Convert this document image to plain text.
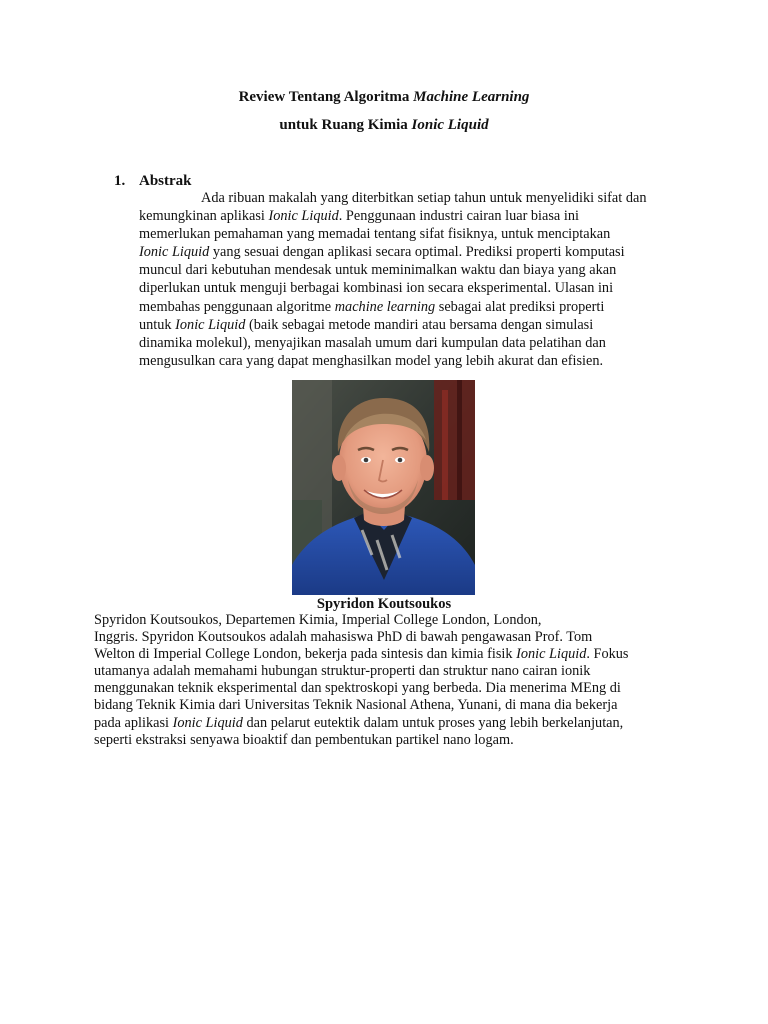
Review Tentang Algoritma Machine Learning
untuk Ruang Kimia Ionic Liquid
1. Abstrak
Ada ribuan makalah yang diterbitkan setiap tahun untuk menyelidiki sifat dan
kemungkinan aplikasi Ionic Liquid. Penggunaan industri cairan luar biasa ini
memerlukan pemahaman yang memadai tentang sifat fisiknya, untuk menciptakan
Ionic Liquid yang sesuai dengan aplikasi secara optimal. Prediksi properti komputasi
muncul dari kebutuhan mendesak untuk meminimalkan waktu dan biaya yang akan
diperlukan untuk menguji berbagai kombinasi ion secara eksperimental. Ulasan ini
membahas penggunaan algoritme machine learning sebagai alat prediksi properti
untuk Ionic Liquid (baik sebagai metode mandiri atau bersama dengan simulasi
dinamika molekul), menyajikan masalah umum dari kumpulan data pelatihan dan
mengusulkan cara yang dapat menghasilkan model yang lebih akurat dan efisien.
Spyridon Koutsoukos
Spyridon Koutsoukos, Departemen Kimia, Imperial College London, London,
Inggris. Spyridon Koutsoukos adalah mahasiswa PhD di bawah pengawasan Prof. Tom
Welton di Imperial College London, bekerja pada sintesis dan kimia fisik Ionic Liquid. Fokus
utamanya adalah memahami hubungan struktur-properti dan struktur nano cairan ionik
menggunakan teknik eksperimental dan spektroskopi yang berbeda. Dia menerima MEng di
bidang Teknik Kimia dari Universitas Teknik Nasional Athena, Yunani, di mana dia bekerja
pada aplikasi Ionic Liquid dan pelarut eutektik dalam untuk proses yang lebih berkelanjutan,
seperti ekstraksi senyawa bioaktif dan pembentukan partikel nano logam.
